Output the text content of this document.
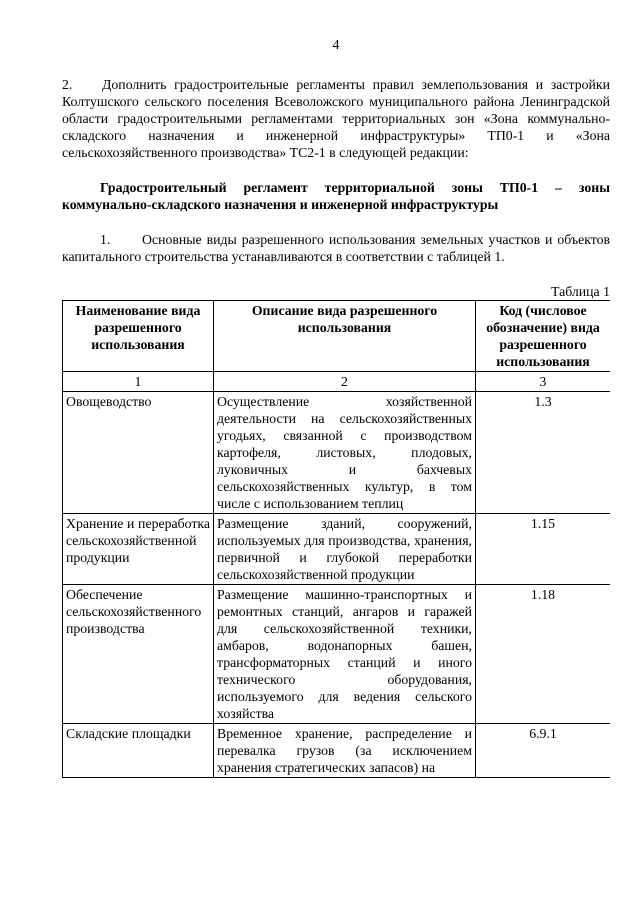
4
2. Дополнить градостроительные регламенты правил землепользования и застройки Колтушского сельского поселения Всеволожского муниципального района Ленинградской области градостроительными регламентами территориальных зон «Зона коммунально-складского назначения и инженерной инфраструктуры» ТП0-1 и «Зона сельскохозяйственного производства» ТС2-1 в следующей редакции:
Градостроительный регламент территориальной зоны ТП0-1 – зоны
коммунально-складского назначения и инженерной инфраструктуры
1. Основные виды разрешенного использования земельных участков и объектов капитального строительства устанавливаются в соответствии с таблицей 1.
Таблица 1
Наименование вида разрешенного использования	Описание вида разрешенного использования	Код (числовое обозначение) вида разрешенного использования
1	2	3
Овощеводство	Осуществление хозяйственной деятельности на сельскохозяйственных угодьях, связанной с производством картофеля, листовых, плодовых, луковичных и бахчевых сельскохозяйственных культур, в том числе с использованием теплиц	1.3
Хранение и переработка сельскохозяйственной продукции	Размещение зданий, сооружений, используемых для производства, хранения, первичной и глубокой переработки сельскохозяйственной продукции	1.15
Обеспечение сельскохозяйственного производства	Размещение машинно-транспортных и ремонтных станций, ангаров и гаражей для сельскохозяйственной техники, амбаров, водонапорных башен, трансформаторных станций и иного технического оборудования, используемого для ведения сельского хозяйства	1.18
Складские площадки	Временное хранение, распределение и перевалка грузов (за исключением хранения стратегических запасов) на	6.9.1
